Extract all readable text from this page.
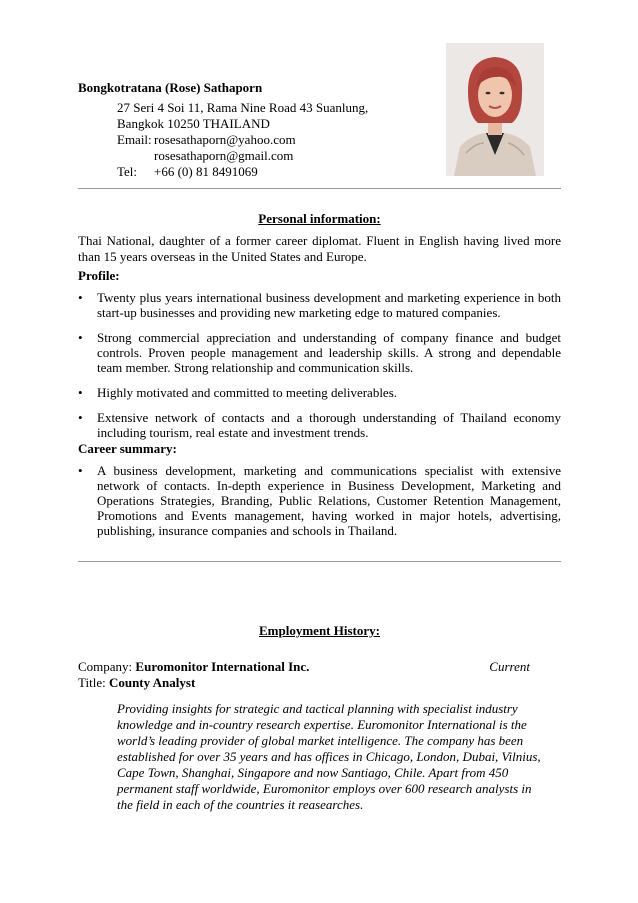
Bongkotratana (Rose) Sathaporn
27 Seri 4 Soi 11, Rama Nine Road 43 Suanlung,
Bangkok 10250 THAILAND
Email: rosesathaporn@yahoo.com
rosesathaporn@gmail.com
Tel: +66 (0) 81 8491069
Personal information:
Thai National, daughter of a former career diplomat. Fluent in English having lived more than 15 years overseas in the United States and Europe.
Profile:
• Twenty plus years international business development and marketing experience in both start-up businesses and providing new marketing edge to matured companies.
• Strong commercial appreciation and understanding of company finance and budget controls. Proven people management and leadership skills. A strong and dependable team member. Strong relationship and communication skills.
• Highly motivated and committed to meeting deliverables.
• Extensive network of contacts and a thorough understanding of Thailand economy including tourism, real estate and investment trends.
Career summary:
• A business development, marketing and communications specialist with extensive network of contacts. In-depth experience in Business Development, Marketing and Operations Strategies, Branding, Public Relations, Customer Retention Management, Promotions and Events management, having worked in major hotels, advertising, publishing, insurance companies and schools in Thailand.
Employment History:
Company: Euromonitor International Inc.	Current
Title: County Analyst
Providing insights for strategic and tactical planning with specialist industry knowledge and in-country research expertise. Euromonitor International is the world’s leading provider of global market intelligence. The company has been established for over 35 years and has offices in Chicago, London, Dubai, Vilnius, Cape Town, Shanghai, Singapore and now Santiago, Chile. Apart from 450 permanent staff worldwide, Euromonitor employs over 600 research analysts in the field in each of the countries it reasearches.
